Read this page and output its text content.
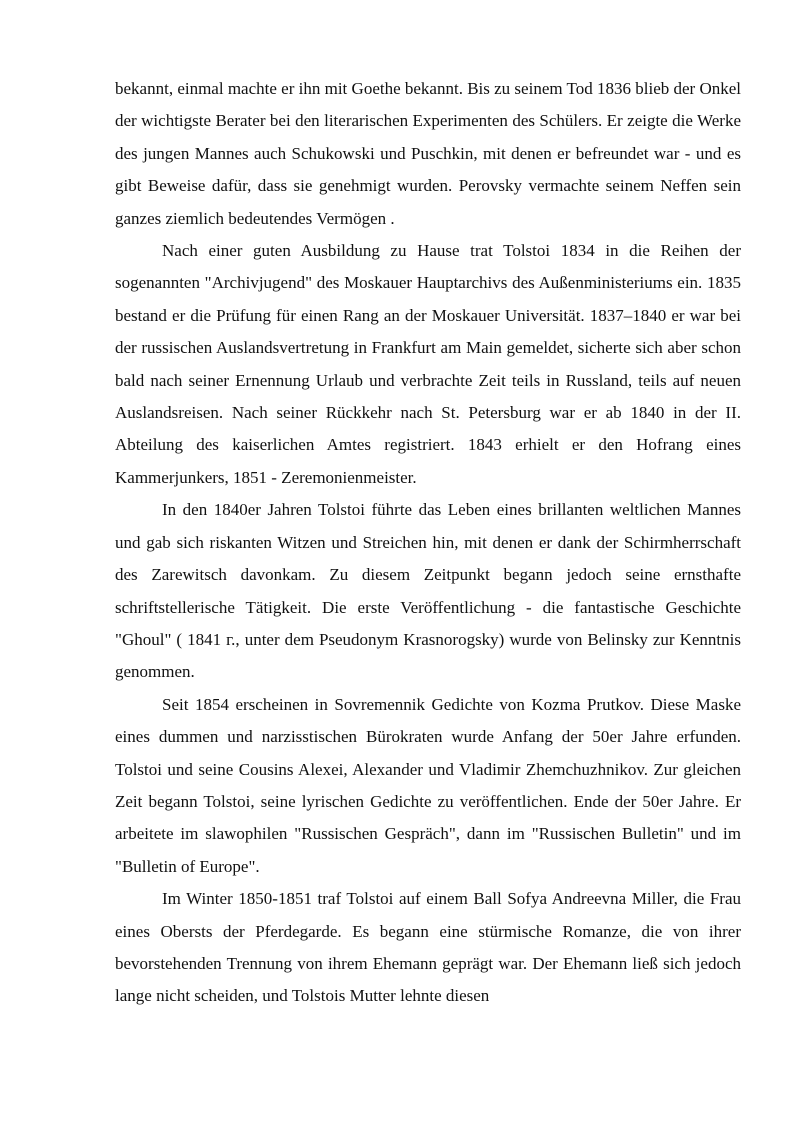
bekannt, einmal machte er ihn mit Goethe bekannt. Bis zu seinem Tod 1836 blieb der Onkel der wichtigste Berater bei den literarischen Experimenten des Schülers. Er zeigte die Werke des jungen Mannes auch Schukowski und Puschkin, mit denen er befreundet war - und es gibt Beweise dafür, dass sie genehmigt wurden. Perovsky vermachte seinem Neffen sein ganzes ziemlich bedeutendes Vermögen .

Nach einer guten Ausbildung zu Hause trat Tolstoi 1834 in die Reihen der sogenannten "Archivjugend" des Moskauer Hauptarchivs des Außenministeriums ein. 1835 bestand er die Prüfung für einen Rang an der Moskauer Universität. 1837–1840 er war bei der russischen Auslandsvertretung in Frankfurt am Main gemeldet, sicherte sich aber schon bald nach seiner Ernennung Urlaub und verbrachte Zeit teils in Russland, teils auf neuen Auslandsreisen. Nach seiner Rückkehr nach St. Petersburg war er ab 1840 in der II. Abteilung des kaiserlichen Amtes registriert. 1843 erhielt er den Hofrang eines Kammerjunkers, 1851 - Zeremonienmeister.

In den 1840er Jahren Tolstoi führte das Leben eines brillanten weltlichen Mannes und gab sich riskanten Witzen und Streichen hin, mit denen er dank der Schirmherrschaft des Zarewitsch davonkam. Zu diesem Zeitpunkt begann jedoch seine ernsthafte schriftstellerische Tätigkeit. Die erste Veröffentlichung - die fantastische Geschichte "Ghoul" ( 1841 г., unter dem Pseudonym Krasnorogsky) wurde von Belinsky zur Kenntnis genommen.

Seit 1854 erscheinen in Sovremennik Gedichte von Kozma Prutkov. Diese Maske eines dummen und narzisstischen Bürokraten wurde Anfang der 50er Jahre erfunden. Tolstoi und seine Cousins Alexei, Alexander und Vladimir Zhemchuzhnikov. Zur gleichen Zeit begann Tolstoi, seine lyrischen Gedichte zu veröffentlichen. Ende der 50er Jahre. Er arbeitete im slawophilen "Russischen Gespräch", dann im "Russischen Bulletin" und im "Bulletin of Europe".

Im Winter 1850-1851 traf Tolstoi auf einem Ball Sofya Andreevna Miller, die Frau eines Obersts der Pferdegarde. Es begann eine stürmische Romanze, die von ihrer bevorstehenden Trennung von ihrem Ehemann geprägt war. Der Ehemann ließ sich jedoch lange nicht scheiden, und Tolstois Mutter lehnte diesen
